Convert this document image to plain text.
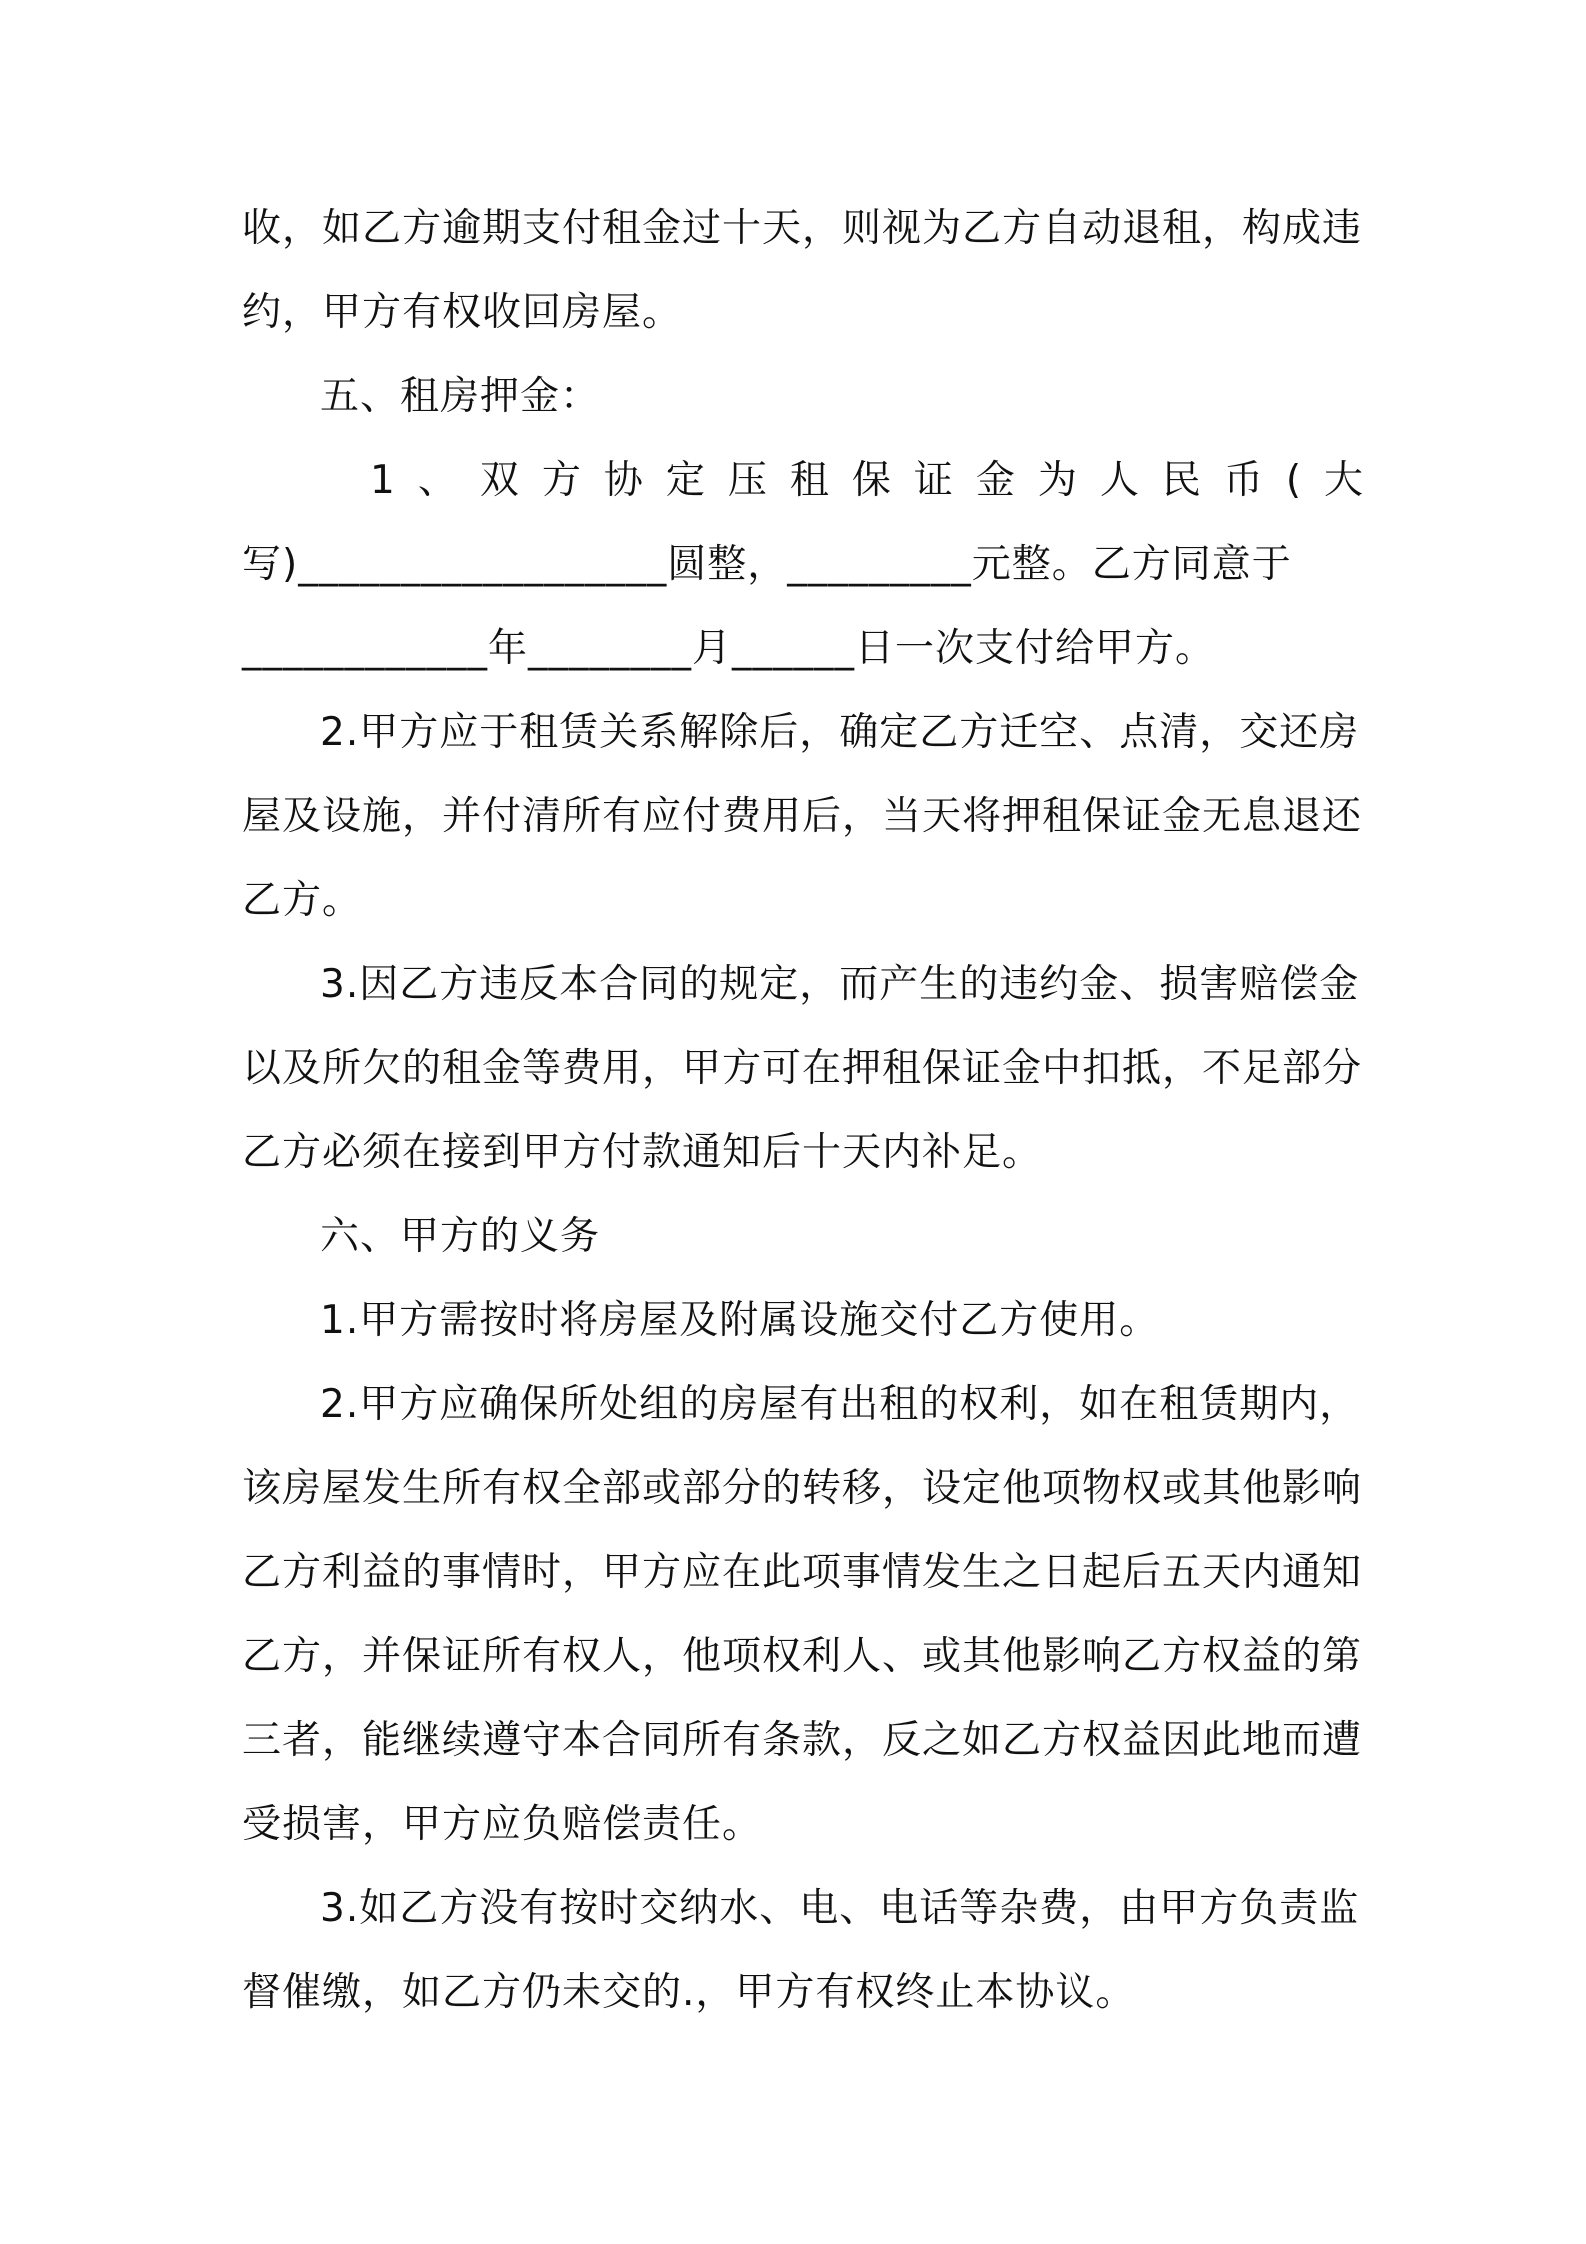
收，如乙方逾期支付租金过十天，则视为乙方自动退租，构成违
约，甲方有权收回房屋。
五、租房押金：
1、双方协定压租保证金为人民币(大
写)__________________圆整，_________元整。乙方同意于
____________年________月______日一次支付给甲方。
2.甲方应于租赁关系解除后，确定乙方迁空、点清，交还房
屋及设施，并付清所有应付费用后，当天将押租保证金无息退还
乙方。
3.因乙方违反本合同的规定，而产生的违约金、损害赔偿金
以及所欠的租金等费用，甲方可在押租保证金中扣抵，不足部分
乙方必须在接到甲方付款通知后十天内补足。
六、甲方的义务
1.甲方需按时将房屋及附属设施交付乙方使用。
2.甲方应确保所处组的房屋有出租的权利，如在租赁期内，
该房屋发生所有权全部或部分的转移，设定他项物权或其他影响
乙方利益的事情时，甲方应在此项事情发生之日起后五天内通知
乙方，并保证所有权人，他项权利人、或其他影响乙方权益的第
三者，能继续遵守本合同所有条款，反之如乙方权益因此地而遭
受损害，甲方应负赔偿责任。
3.如乙方没有按时交纳水、电、电话等杂费，由甲方负责监
督催缴，如乙方仍未交的.，甲方有权终止本协议。
